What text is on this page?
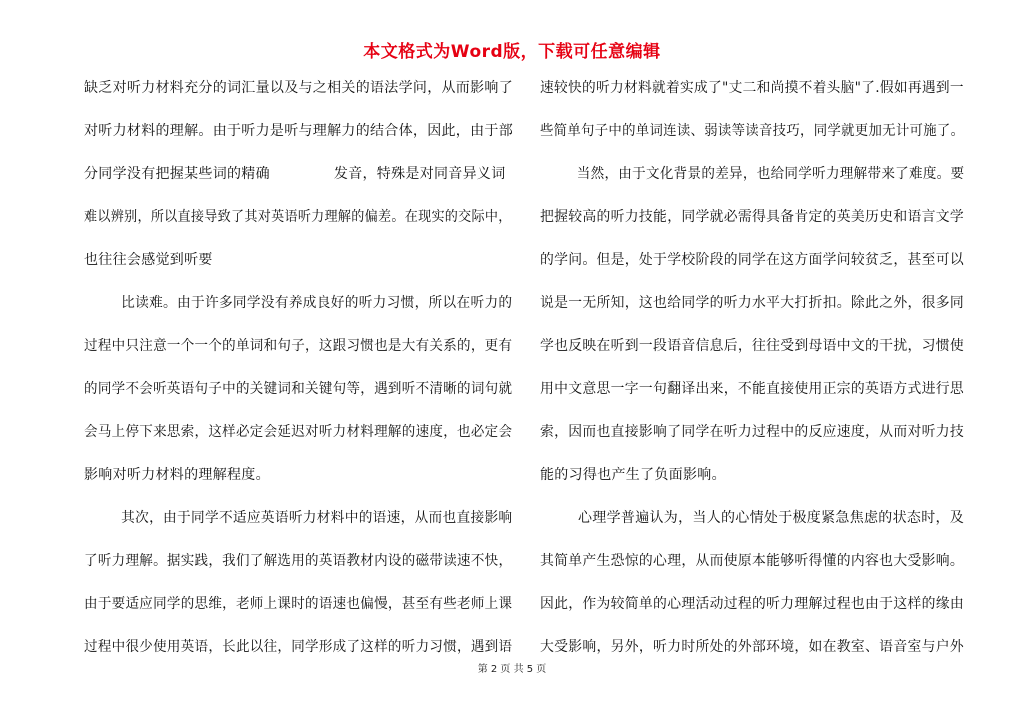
本文格式为Word版，下载可任意编辑
缺乏对听力材料充分的词汇量以及与之相关的语法学问，从而影响了
对听力材料的理解。由于听力是听与理解力的结合体，因此，由于部
分同学没有把握某些词的精确	发音，特殊是对同音异义词
难以辨别，所以直接导致了其对英语听力理解的偏差。在现实的交际中，
也往往会感觉到听要
比读难。由于许多同学没有养成良好的听力习惯，所以在听力的
过程中只注意一个一个的单词和句子，这跟习惯也是大有关系的，更有
的同学不会听英语句子中的关键词和关键句等，遇到听不清晰的词句就
会马上停下来思索，这样必定会延迟对听力材料理解的速度，也必定会
影响对听力材料的理解程度。
其次，由于同学不适应英语听力材料中的语速，从而也直接影响
了听力理解。据实践，我们了解选用的英语教材内设的磁带读速不快，
由于要适应同学的思维，老师上课时的语速也偏慢，甚至有些老师上课
过程中很少使用英语，长此以往，同学形成了这样的听力习惯，遇到语
速较快的听力材料就着实成了"丈二和尚摸不着头脑"了.假如再遇到一
些简单句子中的单词连读、弱读等读音技巧，同学就更加无计可施了。
当然，由于文化背景的差异，也给同学听力理解带来了难度。要
把握较高的听力技能，同学就必需得具备肯定的英美历史和语言文学
的学问。但是，处于学校阶段的同学在这方面学问较贫乏，甚至可以
说是一无所知，这也给同学的听力水平大打折扣。除此之外，很多同
学也反映在听到一段语音信息后，往往受到母语中文的干扰，习惯使
用中文意思一字一句翻译出来，不能直接使用正宗的英语方式进行思
索，因而也直接影响了同学在听力过程中的反应速度，从而对听力技
能的习得也产生了负面影响。
心理学普遍认为，当人的心情处于极度紧急焦虑的状态时，及
其简单产生恐惊的心理，从而使原本能够听得懂的内容也大受影响。
因此，作为较简单的心理活动过程的听力理解过程也由于这样的缘由
大受影响，另外，听力时所处的外部环境，如在教室、语音室与户外
第 2 页 共 5 页
